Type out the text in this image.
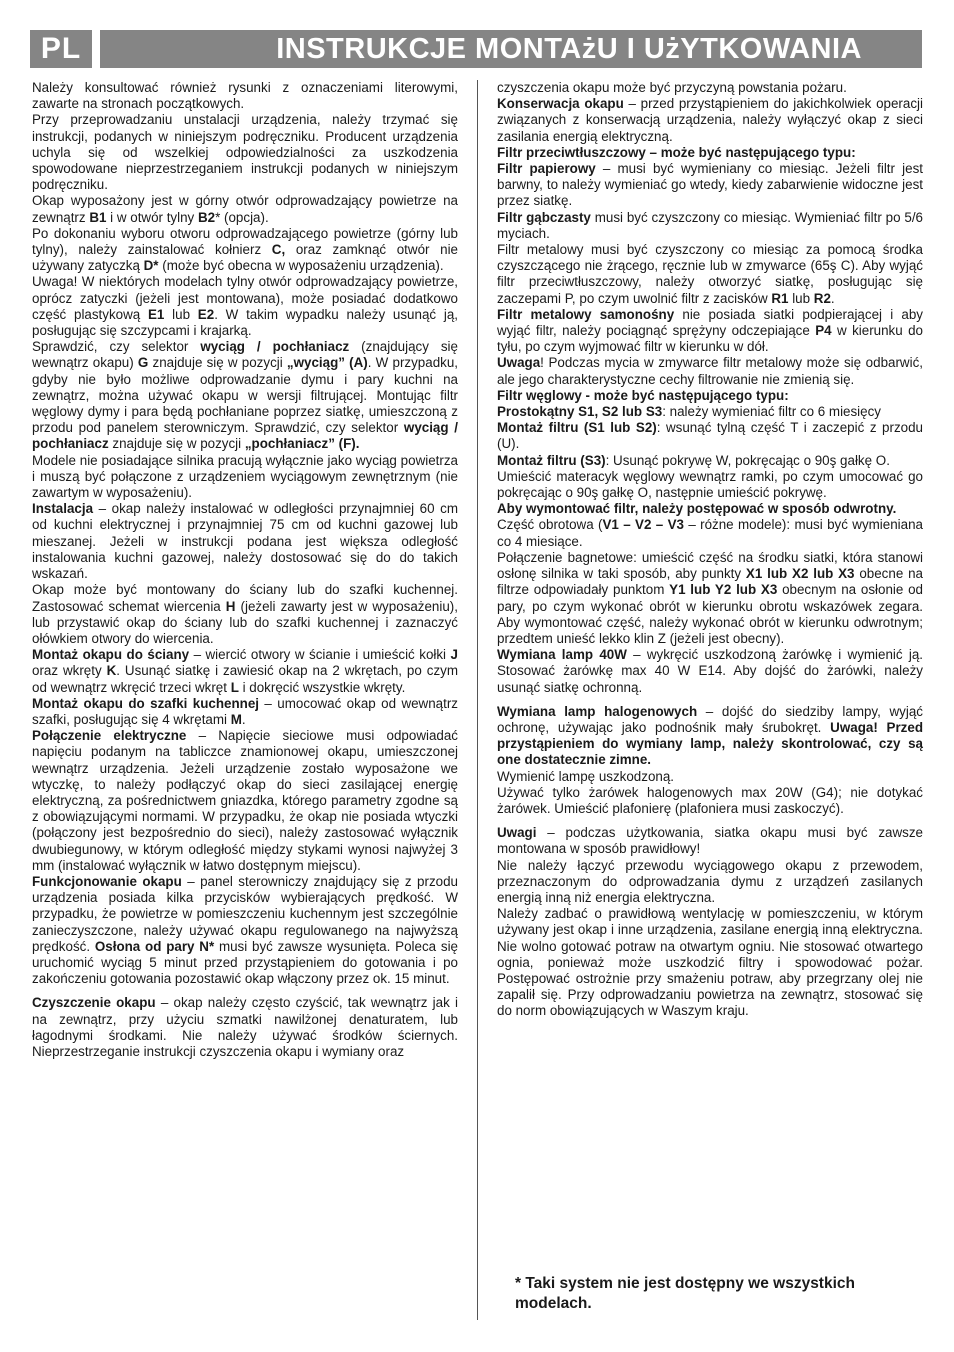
PL	INSTRUKCJE MONTAżU I UżYTKOWANIA

Należy konsultować również rysunki z oznaczeniami literowymi, zawarte na stronach początkowych.

Przy przeprowadzaniu unstalacji urządzenia, należy trzymać się instrukcji, podanych w niniejszym podręczniku. Producent urządzenia uchyla się od wszelkiej odpowiedzialności za uszkodzenia spowodowane nieprzestrzeganiem instrukcji podanych w niniejszym podręczniku.

Okap wyposażony jest w górny otwór odprowadzający powietrze na zewnątrz B1 i w otwór tylny B2* (opcja).

Po dokonaniu wyboru otworu odprowadzającego powietrze (górny lub tylny), należy zainstalować kołnierz C, oraz zamknąć otwór nie używany zatyczką D* (może być obecna w wyposażeniu urządzenia).

Uwaga! W niektórych modelach tylny otwór odprowadzający powietrze, oprócz zatyczki (jeżeli jest montowana), może posiadać dodatkowo część plastykową E1 lub E2. W takim wypadku należy usunąć ją, posługując się szczypcami i krajarką.

Sprawdzić, czy selektor wyciąg / pochłaniacz (znajdujący się wewnątrz okapu) G znajduje się w pozycji „wyciąg” (A). W przypadku, gdyby nie było możliwe odprowadzanie dymu i pary kuchni na zewnątrz, można używać okapu w wersji filtrującej. Montując filtr węglowy dymy i para będą pochłaniane poprzez siatkę, umieszczoną z przodu pod panelem sterowniczym. Sprawdzić, czy selektor wyciąg / pochłaniacz znajduje się w pozycji „pochłaniacz” (F).

Modele nie posiadające silnika pracują wyłącznie jako wyciąg powietrza i muszą być połączone z urządzeniem wyciągowym zewnętrznym (nie zawartym w wyposażeniu).

Instalacja – okap należy instalować w odległości przynajmniej 60 cm od kuchni elektrycznej i przynajmniej 75 cm od kuchni gazowej lub mieszanej. Jeżeli w instrukcji podana jest większa odległość instalowania kuchni gazowej, należy dostosować się do do takich wskazań.

Okap może być montowany do ściany lub do szafki kuchennej. Zastosować schemat wiercenia H (jeżeli zawarty jest w wyposażeniu), lub przystawić okap do ściany lub do szafki kuchennej i zaznaczyć ołówkiem otwory do wiercenia.

Montaż okapu do ściany – wiercić otwory w ścianie i umieścić kołki J oraz wkręty K. Usunąć siatkę i zawiesić okap na 2 wkrętach, po czym od wewnątrz wkręcić trzeci wkręt L i dokręcić wszystkie wkręty.

Montaż okapu do szafki kuchennej – umocować okap od wewnątrz szafki, posługując się 4 wkrętami M.

Połączenie elektryczne – Napięcie sieciowe musi odpowiadać napięciu podanym na tabliczce znamionowej okapu, umieszczonej wewnątrz urządzenia. Jeżeli urządzenie zostało wyposażone we wtyczkę, to należy podłączyć okap do sieci zasilającej energię elektryczną, za pośrednictwem gniazdka, którego parametry zgodne są z obowiązującymi normami. W przypadku, że okap nie posiada wtyczki (połączony jest bezpośrednio do sieci), należy zastosować wyłącznik dwubiegunowy, w którym odległość między stykami wynosi najwyżej 3 mm (instalować wyłącznik w łatwo dostępnym miejscu).

Funkcjonowanie okapu – panel sterowniczy znajdujący się z przodu urządzenia posiada kilka przycisków wybierających prędkość. W przypadku, że powietrze w pomieszczeniu kuchennym jest szczególnie zanieczyszczone, należy używać okapu regulowanego na najwyższą prędkość. Osłona od pary N* musi być zawsze wysunięta. Poleca się uruchomić wyciąg 5 minut przed przystąpieniem do gotowania i po zakończeniu gotowania pozostawić okap włączony przez ok. 15 minut.

Czyszczenie okapu – okap należy często czyścić, tak wewnątrz jak i na zewnątrz, przy użyciu szmatki nawilżonej denaturatem, lub łagodnymi środkami. Nie należy używać środków ściernych. Nieprzestrzeganie instrukcji czyszczenia okapu i wymiany oraz

czyszczenia okapu może być przyczyną powstania pożaru.

Konserwacja okapu – przed przystąpieniem do jakichkolwiek operacji związanych z konserwacją urządzenia, należy wyłączyć okap z sieci zasilania energią elektryczną.

Filtr przeciwtłuszczowy – może być następującego typu:

Filtr papierowy – musi być wymieniany co miesiąc. Jeżeli filtr jest barwny, to należy wymieniać go wtedy, kiedy zabarwienie widoczne jest przez siatkę.

Filtr gąbczasty musi być czyszczony co miesiąc. Wymieniać filtr po 5/6 myciach.

Filtr metalowy musi być czyszczony co miesiąc za pomocą środka czyszczącego nie żrącego, ręcznie lub w zmywarce (65ş C). Aby wyjąć filtr przeciwtłuszczowy, należy otworzyć siatkę, posługując się zaczepami P, po czym uwolnić filtr z zacisków R1 lub R2.

Filtr metalowy samonośny nie posiada siatki podpierającej i aby wyjąć filtr, należy pociągnąć sprężyny odczepiające P4 w kierunku do tyłu, po czym wyjmować filtr w kierunku w dół.

Uwaga! Podczas mycia w zmywarce filtr metalowy może się odbarwić, ale jego charakterystyczne cechy filtrowanie nie zmienią się.

Filtr węglowy - może być następującego typu:

Prostokątny S1, S2 lub S3: należy wymieniać filtr co 6 miesięcy

Montaż filtru (S1 lub S2): wsunąć tylną część T i zaczepić z przodu (U).

Montaż filtru (S3): Usunąć pokrywę W, pokręcając o 90ş gałkę O.

Umieścić materacyk węglowy wewnątrz ramki, po czym umocować go pokręcając o 90ş gałkę O, następnie umieścić pokrywę.

Aby wymontować filtr, należy postępować w sposób odwrotny.

Część obrotowa (V1 – V2 – V3 – różne modele): musi być wymieniana co 4 miesiące.

Połączenie bagnetowe: umieścić część na środku siatki, która stanowi osłonę silnika w taki sposób, aby punkty X1 lub X2 lub X3 obecne na filtrze odpowiadały punktom Y1 lub Y2 lub X3 obecnym na osłonie od pary, po czym wykonać obrót w kierunku obrotu wskazówek zegara. Aby wymontować część, należy wykonać obrót w kierunku odwrotnym; przedtem unieść lekko klin Z (jeżeli jest obecny).

Wymiana lamp 40W – wykręcić uszkodzoną żarówkę i wymienić ją. Stosować żarówkę max 40 W E14. Aby dojść do żarówki, należy usunąć siatkę ochronną.

Wymiana lamp halogenowych – dojść do siedziby lampy, wyjąć ochronę, używając jako podnośnik mały śrubokręt. Uwaga! Przed przystąpieniem do wymiany lamp, należy skontrolować, czy są one dostatecznie zimne.

Wymienić lampę uszkodzoną.

Używać tylko żarówek halogenowych max 20W (G4); nie dotykać żarówek. Umieścić plafonierę (plafoniera musi zaskoczyć).

Uwagi – podczas użytkowania, siatka okapu musi być zawsze montowana w sposób prawidłowy!

Nie należy łączyć przewodu wyciągowego okapu z przewodem, przeznaczonym do odprowadzania dymu z urządzeń zasilanych energią inną niż energia elektryczna.

Należy zadbać o prawidłową wentylację w pomieszczeniu, w którym używany jest okap i inne urządzenia, zasilane energią inną elektryczna. Nie wolno gotować potraw na otwartym ogniu. Nie stosować otwartego ognia, ponieważ może uszkodzić filtry i spowodować pożar. Postępować ostrożnie przy smażeniu potraw, aby przegrzany olej nie zapalił się. Przy odprowadzaniu powietrza na zewnątrz, stosować się do norm obowiązujących w Waszym kraju.

* Taki system nie jest dostępny we wszystkich modelach.
